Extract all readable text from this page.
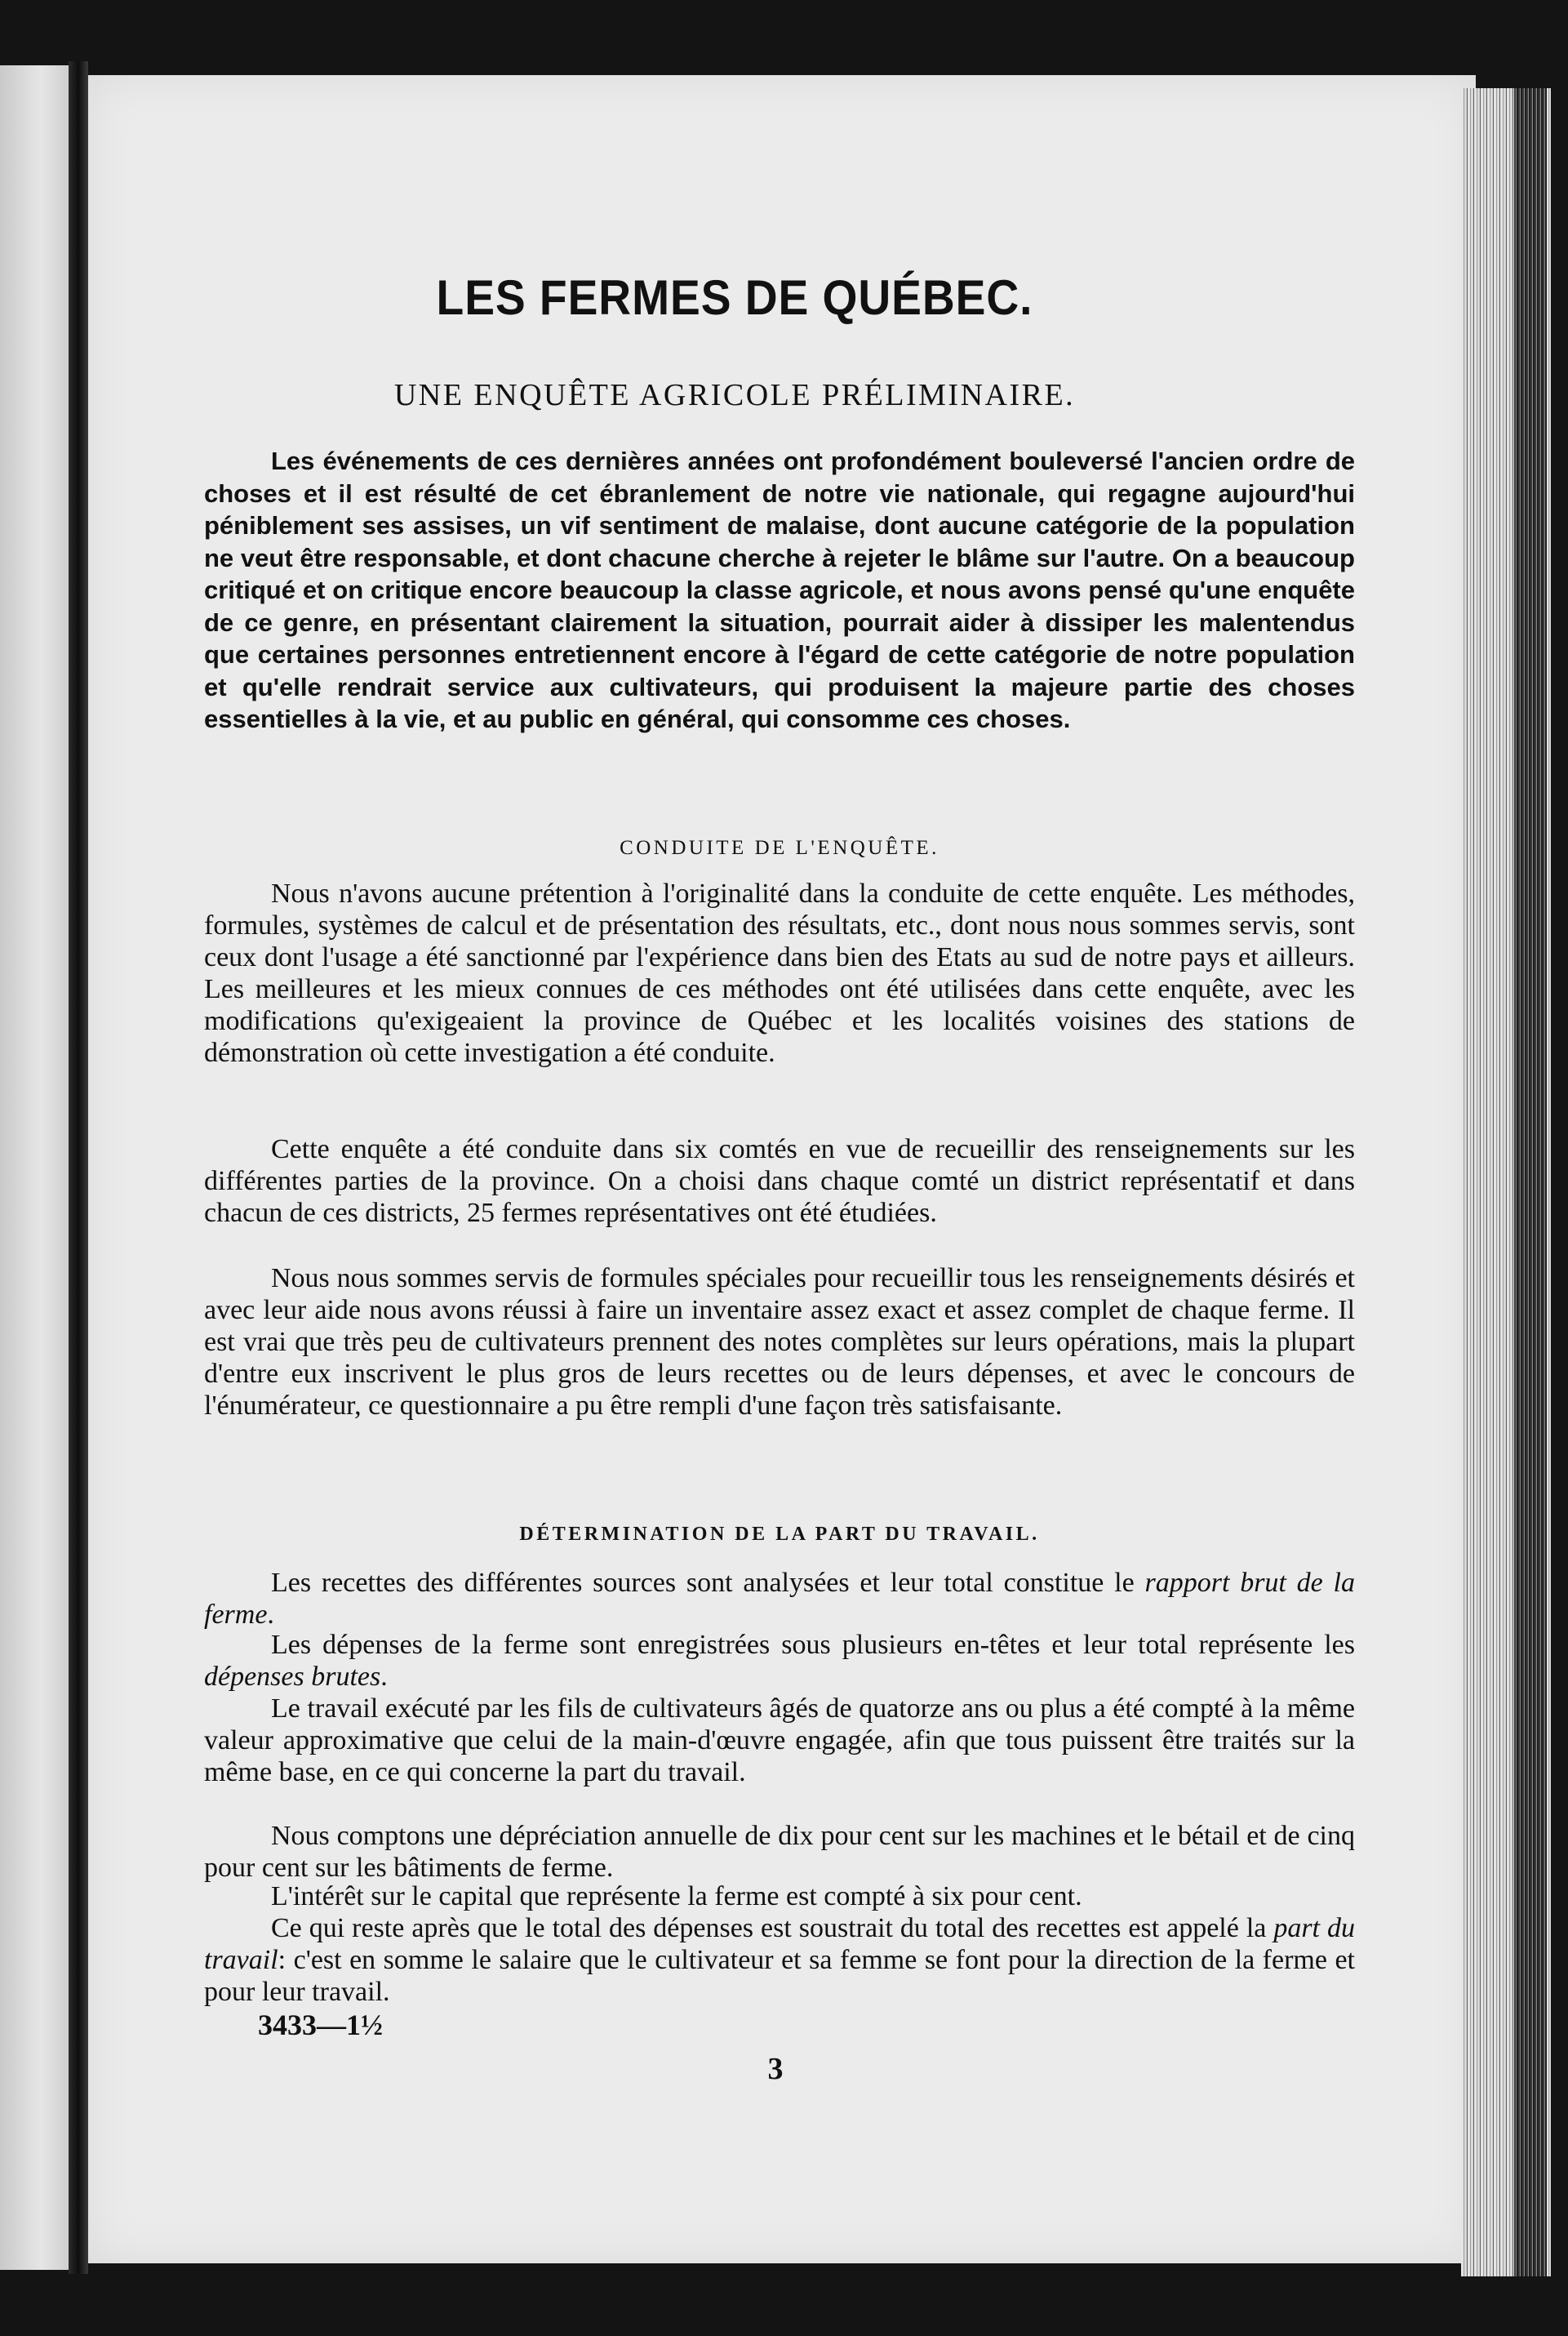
LES FERMES DE QUÉBEC.
UNE ENQUÊTE AGRICOLE PRÉLIMINAIRE.

Les événements de ces dernières années ont profondément bouleversé l'ancien ordre de choses et il est résulté de cet ébranlement de notre vie nationale, qui regagne aujourd'hui péniblement ses assises, un vif sentiment de malaise, dont aucune catégorie de la population ne veut être responsable, et dont chacune cherche à rejeter le blâme sur l'autre. On a beaucoup critiqué et on critique encore beaucoup la classe agricole, et nous avons pensé qu'une enquête de ce genre, en présentant clairement la situation, pourrait aider à dissiper les malentendus que certaines personnes entretiennent encore à l'égard de cette catégorie de notre population et qu'elle rendrait service aux cultivateurs, qui produisent la majeure partie des choses essentielles à la vie, et au public en général, qui consomme ces choses.

CONDUITE DE L'ENQUÊTE.

Nous n'avons aucune prétention à l'originalité dans la conduite de cette enquête. Les méthodes, formules, systèmes de calcul et de présentation des résultats, etc., dont nous nous sommes servis, sont ceux dont l'usage a été sanctionné par l'expérience dans bien des Etats au sud de notre pays et ailleurs. Les meilleures et les mieux connues de ces méthodes ont été utilisées dans cette enquête, avec les modifications qu'exigeaient la province de Québec et les localités voisines des stations de démonstration où cette investigation a été conduite.

Cette enquête a été conduite dans six comtés en vue de recueillir des renseignements sur les différentes parties de la province. On a choisi dans chaque comté un district représentatif et dans chacun de ces districts, 25 fermes représentatives ont été étudiées.

Nous nous sommes servis de formules spéciales pour recueillir tous les renseignements désirés et avec leur aide nous avons réussi à faire un inventaire assez exact et assez complet de chaque ferme. Il est vrai que très peu de cultivateurs prennent des notes complètes sur leurs opérations, mais la plupart d'entre eux inscrivent le plus gros de leurs recettes ou de leurs dépenses, et avec le concours de l'énumérateur, ce questionnaire a pu être rempli d'une façon très satisfaisante.

DÉTERMINATION DE LA PART DU TRAVAIL.

Les recettes des différentes sources sont analysées et leur total constitue le rapport brut de la ferme.

Les dépenses de la ferme sont enregistrées sous plusieurs en-têtes et leur total représente les dépenses brutes.

Le travail exécuté par les fils de cultivateurs âgés de quatorze ans ou plus a été compté à la même valeur approximative que celui de la main-d'œuvre engagée, afin que tous puissent être traités sur la même base, en ce qui concerne la part du travail.

Nous comptons une dépréciation annuelle de dix pour cent sur les machines et le bétail et de cinq pour cent sur les bâtiments de ferme.

L'intérêt sur le capital que représente la ferme est compté à six pour cent.

Ce qui reste après que le total des dépenses est soustrait du total des recettes est appelé la part du travail: c'est en somme le salaire que le cultivateur et sa femme se font pour la direction de la ferme et pour leur travail.

3433—1½
3
